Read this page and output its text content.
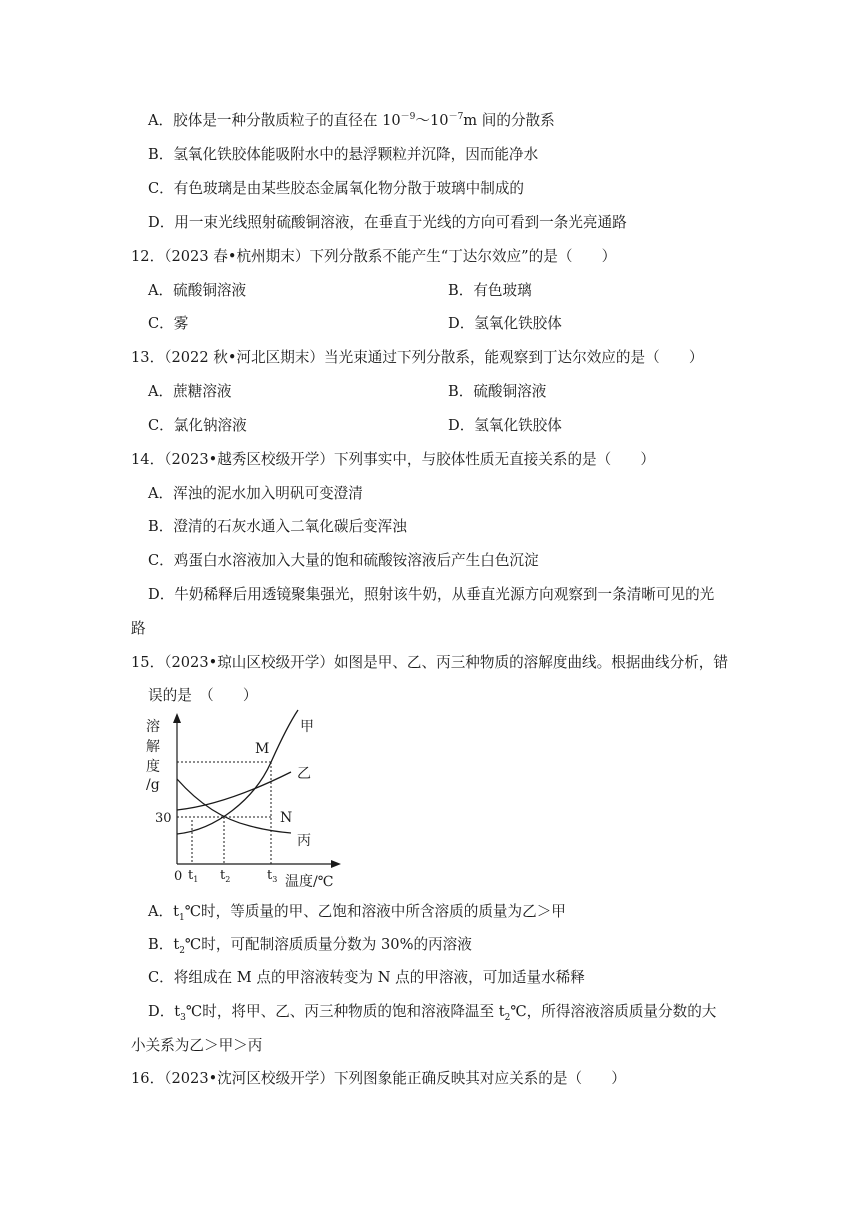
A．胶体是一种分散质粒子的直径在 $10^{-9}\sim 10^{-7}m$ 间的分散系
B．氢氧化铁胶体能吸附水中的悬浮颗粒并沉降，因而能净水
C．有色玻璃是由某些胶态金属氧化物分散于玻璃中制成的
D．用一束光线照射硫酸铜溶液，在垂直于光线的方向可看到一条光亮通路
12．（2023 春•杭州期末）下列分散系不能产生“丁达尔效应”的是（　　）
A．硫酸铜溶液	B．有色玻璃
C．雾	D．氢氧化铁胶体
13．（2022 秋•河北区期末）当光束通过下列分散系，能观察到丁达尔效应的是（　　）
A．蔗糖溶液	B．硫酸铜溶液
C．氯化钠溶液	D．氢氧化铁胶体
14．（2023•越秀区校级开学）下列事实中，与胶体性质无直接关系的是（　　）
A．浑浊的泥水加入明矾可变澄清
B．澄清的石灰水通入二氧化碳后变浑浊
C．鸡蛋白水溶液加入大量的饱和硫酸铵溶液后产生白色沉淀
D．牛奶稀释后用透镜聚集强光，照射该牛奶，从垂直光源方向观察到一条清晰可见的光
路
15．（2023•琼山区校级开学）如图是甲、乙、丙三种物质的溶解度曲线。根据曲线分析，错
误的是　（　　）
溶
解
度
/g
30
0 $t_1$ $t_2$	$t_3$ 温度/℃
甲
乙
丙
M
N
A．$t_1℃$时，等质量的甲、乙饱和溶液中所含溶质的质量为乙＞甲
B．$t_2℃$时，可配制溶质质量分数为 30%的丙溶液
C．将组成在 M 点的甲溶液转变为 N 点的甲溶液，可加适量水稀释
D．$t_3℃$时，将甲、乙、丙三种物质的饱和溶液降温至 $t_2℃$，所得溶液溶质质量分数的大
小关系为乙＞甲＞丙
16．（2023•沈河区校级开学）下列图象能正确反映其对应关系的是（　　）
